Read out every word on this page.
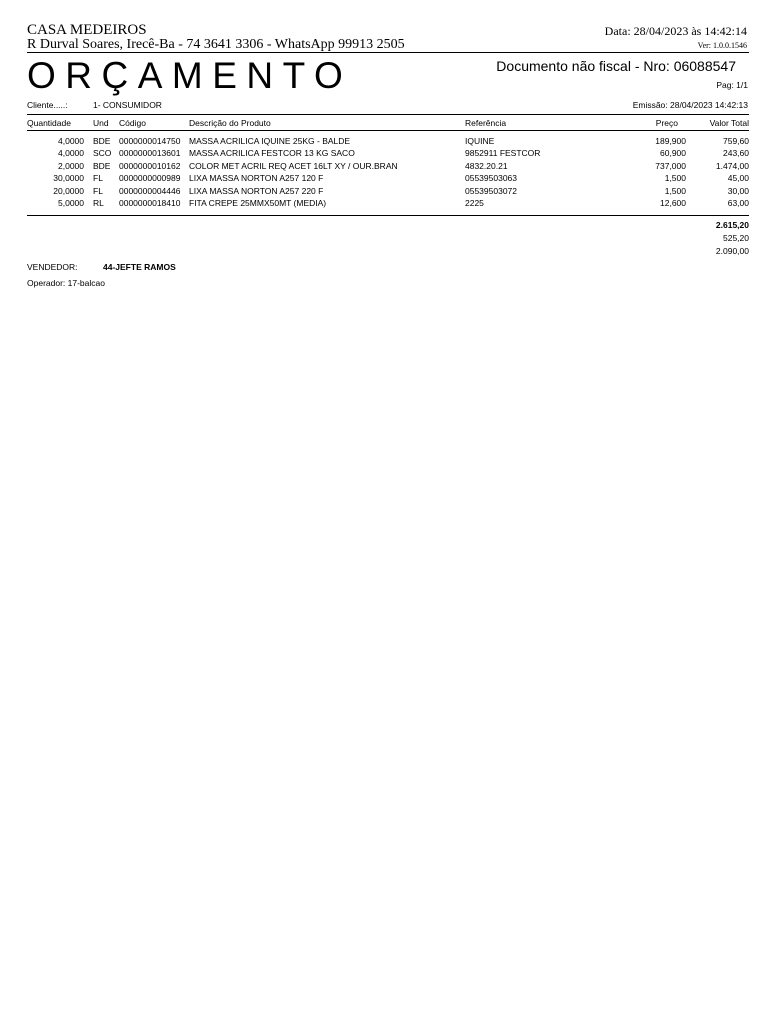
CASA MEDEIROS
R Durval Soares, Irecê-Ba - 74 3641 3306 - WhatsApp 99913 2505
Data: 28/04/2023 às 14:42:14
Ver: 1.0.0.1546
ORÇAMENTO	Documento não fiscal - Nro: 06088547
Pag: 1/1
Cliente.....:	1- CONSUMIDOR	Emissão: 28/04/2023 14:42:13
Quantidade	Und Código	Descrição do Produto	Referência	Preço	Valor Total
4,0000 BDE 0000000014750 MASSA ACRILICA IQUINE 25KG - BALDE	IQUINE	189,900	759,60
4,0000 SCO 0000000013601 MASSA ACRILICA FESTCOR 13 KG SACO	9852911 FESTCOR	60,900	243,60
2,0000 BDE 0000000010162 COLOR MET ACRIL REQ ACET 16LT XY / OUR.BRAN	4832.20.21	737,000	1.474,00
30,0000 FL 0000000000989 LIXA MASSA NORTON A257 120 F	05539503063	1,500	45,00
20,0000 FL 0000000004446 LIXA MASSA NORTON A257 220 F	05539503072	1,500	30,00
5,0000 RL 0000000018410 FITA CREPE 25MMX50MT (MEDIA)	2225	12,600	63,00
2.615,20
525,20
2.090,00
VENDEDOR:	44-JEFTE RAMOS
Operador: 17-balcao
